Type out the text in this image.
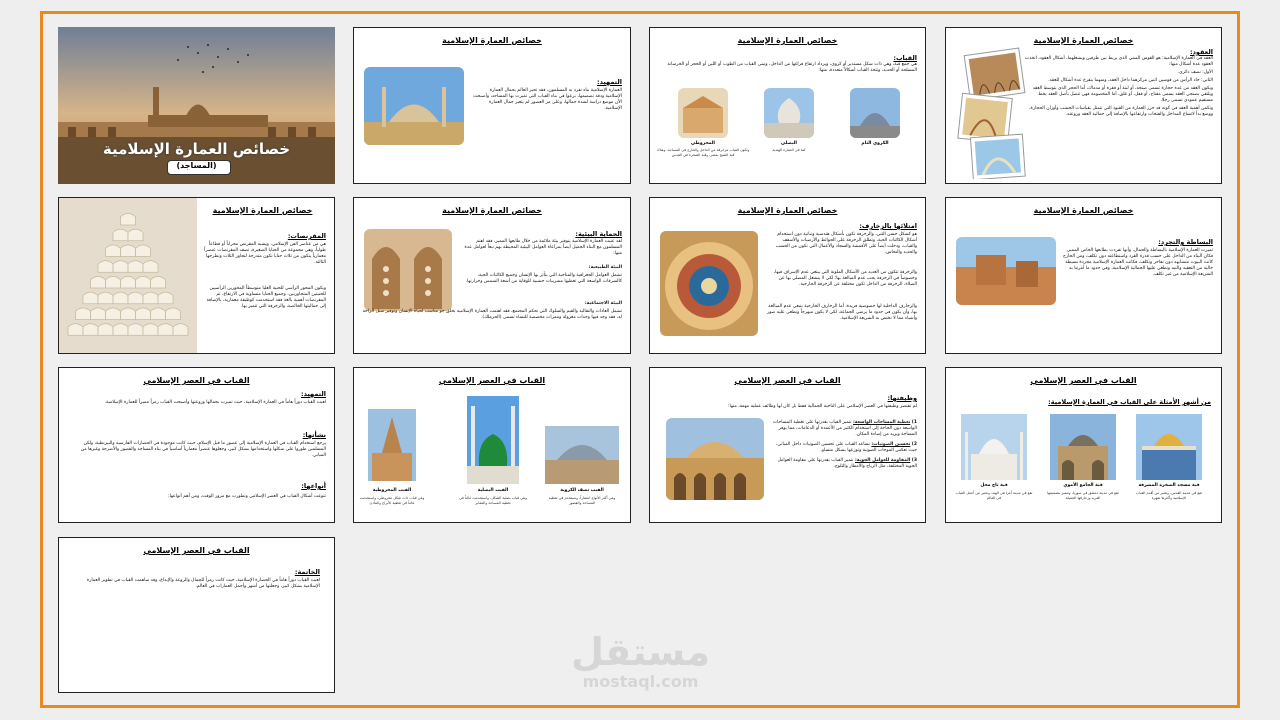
خصائص العمارة الإسلامية
(المساجد)
خصائص العمارة الإسلامية
التمهيد:
العمارة الإسلامية بناء تفرد به المسلمون، فقد تحير العالم بجمال العمارة الإسلامية ودقة تصميمها، برعوا في بناء القباب التي تميزت بها المساجد، وأصبحت الآن موضع دراسة لشدة جمالها، وعلى مر العصور لم يتغير جمال العمارة الإسلامية.
خصائص العمارة الإسلامية
القباب:
هي جمع قبة، وهي ذات شكل مستدير أو كروي، ويزداد ارتفاع فراغها من الداخل، وتبنى القباب من الطوب أو اللبن أو الحجر أو الخرسانة المسلحة أو الحديد، وتتخذ القباب أشكالاً متعددة، منها:
الكروي التام
البصلي
كما في العمارة الهندية
المخروطي
وتكون القباب مزخرفة من الداخل والخارج في المساجد، وهناك قبة الشيخ بمصر، وقبة الصخرة في القدس
خصائص العمارة الإسلامية
العقود:
العقد في العمارة الإسلامية: هو القوس المبني الذي يربط بين طرفين ويشغلهما، أشكال العقود، اتخذت العقود عدة أشكال منها:
الأول: نصف دائري.
الثاني: حاد الرأس من قوسين اثنين مركزهما داخل العقد، ومنهما يتفرع عدة أشكال للعقد.
ويكون العقد من عدة حجارة تسمى صنجة، أو لبنة أو فقرة أو مدماك، أما الحجر الذي يتوسط العقد ويلتقي بصنجي العقد يسمى مفتاح، أو قفل، أو غلق، أما المخصومة فهي تتصل بأصل العقد بخط مستقيم عمودي تسمى رجلا.
وتكمن أهمية العقد في كونه قد حرر العمارة من القيود التي تتمثل بقياسات الخشب وأوزان الحجارة، ووضع بداً لاتساع المداخل والفتحات وارتفاعها بالإضافة إلى جمالية العقد وروعته.
خصائص العمارة الإسلامية
المقرنصات:
هي من عناصر الفن الإسلامي، ويشبه المقرنص محراباً أو قطاعاً طولياً، وهي مجموعة من الحنايا الصغيرة، تصف المقرنصات عنصراً معمارياً يتكون من ثلاث حنايا تكون متدرجة لتجاور الثلاث وتطرحها الثالثة.
ويكون المحور الرأسي للحنية العليا متوسطاً المحورين الرأسيين للحنيتين المتجاورتين، وجميع الحنايا متساوية في الارتفاع، ثم المقرنصات أهمية بالغة فقد استخدمت كوظيفة معمارية، بالإضافة إلى جماليتها الخالصة، والزخرفة التي تتميز بها.
خصائص العمارة الإسلامية
الحماية البيئية:
لقد عنيت العمارة الإسلامية بتوفير بيئة ملائمة من خلال طابعها المميز، فقد اهتم المسلمون مع البناء الجميل أيضاً بمراعاة العوامل البيئية المحيطة بهم تبعاً لعوامل عدة منها:
البيئة الطبيعية:
تشمل العوامل الجغرافية والمناخية التي يتأثر بها الإنسان وجميع الكائنات الحية، كالشرفات الواسعة التي تغطيها مشربيات خشبية للوقاية من أشعة الشمس وحرارتها.
البيئة الاجتماعية:
تشمل العادات والتقاليد والقيم والسلوك التي تحكم المجتمع، فقد اهتمت العمارة الإسلامية بخلق جو مناسب لحياة الإنسان وتوفير سبل الراحة له، فقد وجد فيها وحدات معزولة وممرات مخصصة للنساء تسمى (الحرملك).
خصائص العمارة الإسلامية
امتلائها بالزخارف:
هو كشكل حسن الثني، والزخرفة تكون بأشكال هندسية ونباتية دون استخدام أشكال الكائنات الحية، وتطلق الزخرفة على الحوائط والأرضيات والأسقف والقباب، ودخلت أيضاً على الأقمشة والسجاد والأعمال التي تكون من الخشب والحديد والنحاس.
والزخرفة تتكون من العديد من الأشكال الملونة التي يبتغي عدم الإسراف فيها، وخصوصاً في الزخرفة يجب عدم المبالغة بها؛ لكي لا ينشغل المصلي بها عن الصلاة، الزخرفة من الداخل تكون مختلفة عن الزخرفة الخارجية.
والزخارف الداخلية لها خصوصية فريدة، أما الزخارف الخارجية ينبغي عدم المبالغة بها، وأن يكون في حدود ما يرضي الجماعة، لكي لا يكون مبهرجاً ونطغى عليه صور وأشياء مما لا تختص به الشريعة الإسلامية.
خصائص العمارة الإسلامية
البساطة والتجرد:
تميزت العمارة الإسلامية بالبساطة والجمال، وأنها تفردت بطابعها الخاص المميز، فكان البناء من الداخل على حسب قدرة الفرد واستطاعته دون تكلف، ومن الخارج كانت البيوت متشابهه دون تفاخر وتكلف، فكانت العمارة الإسلامية مجردة بسيطة خالية من التعقيد والتيه وتطغي عليها الجمالية الإسلامية، وفي حدود ما أمرتنا به الشريعة الإسلامية من غير تكلف.
القباب في العصر الإسلامي
التمهيد:
لعبت القباب دوراً هاماً في العمارة الإسلامية، حيث تميزت بجمالها وروعتها وأصبحت القباب رمزاً مميزاً للعمارة الإسلامية.
نشأتها:
يرجع استخدام القباب في العمارة الإسلامية إلى عصور ما قبل الإسلام، حيث كانت موجودة في الحضارات الفارسية والبيزنطية، ولكن المسلمين طوروا على شكلها واستخدامها بشكل كبير، وجعلوها عنصراً معمارياً أساسياً في بناء المساجد والقصور والأضرحة وغيرها من المباني.
أنواعها:
تنوعت أشكال القباب في العصر الإسلامي وتطورت مع مرور الوقت، ومن أهم أنواعها:
القباب في العصر الإسلامي
القبب المخروطية
وهي قباب ذات شكل مخروطي، واستخدمت غالباً في تغطية الأبراج والمآذن
القبب البصلية
وهي قباب بصلية الشكل، واستخدمت غالباً في تغطية المساجد والمقابر
القبب نصف الكروية
وهي أكثر الأنواع انتشاراً، وتستخدم في تغطية المساجد والقصور
القباب في العصر الإسلامي
وظيفتها:
لم تقتصر وظيفتها في العصر الإسلامي على الناحية الجمالية فقط بل كان لها وظائف عملية مهمة، منها:
1) تغطية المساحات الواسعة: تتميز القباب بقدرتها على تغطية المساحات الواسعة دون الحاجة إلى استخدام الكثير من الأعمدة أو الدعامات، مما يوفر المساحة ويزيد من إضاءة المكان.
2) تحسين الصوتيات: تساعد القباب على تحسين الصوتيات داخل المباني، حيث تعكس الموجات الصوتية وتوزعها بشكل متساو.
3) المقاومة للعوامل الجوية: تتميز القباب بقدرتها على مقاومة العوامل الجوية المختلفة، مثل الرياح والأمطار والثلوج.
القباب في العصر الإسلامي
من أشهر الأمثلة على القباب في العمارة الإسلامية:
قبة تاج محل
تقع في مدينة أغرا في الهند، وتعتبر من أجمل القباب في العالم
قبة الجامع الأموي
تقع في مدينة دمشق في سوريا، وتتميز بتصميمها الفريد وزخارفها الجميلة
قبة مسجد الصخرة المشرفة
تقع في مدينة القدس، وتعتبر من أقدم القباب الإسلامية وأكثرها شهرة
القباب في العصر الإسلامي
الخاتمة:
لعبت القباب دوراً هاماً في الحضارة الإسلامية، حيث كانت رمزاً للجمال والروعة والإبداع، وقد ساهمت القباب في تطوير العمارة الإسلامية بشكل كبير، وجعلتها من أشهر وأجمل العمارات في العالم.
مستقل
mostaql.com
